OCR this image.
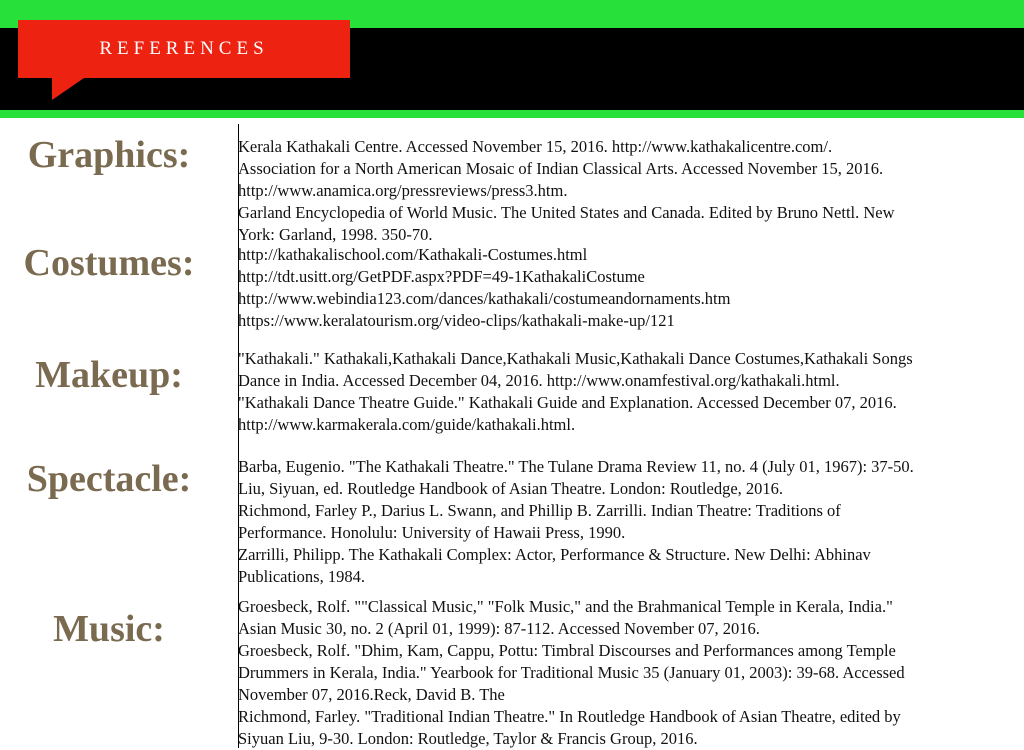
REFERENCES
Graphics:	Kerala Kathakali Centre. Accessed November 15, 2016. http://www.kathakalicentre.com/.
Association for a North American Mosaic of Indian Classical Arts. Accessed November 15, 2016.
http://www.anamica.org/pressreviews/press3.htm.
Garland Encyclopedia of World Music. The United States and Canada. Edited by Bruno Nettl. New
York: Garland, 1998. 350-70.
Costumes:	http://kathakalischool.com/Kathakali-Costumes.html
http://tdt.usitt.org/GetPDF.aspx?PDF=49-1KathakaliCostume
http://www.webindia123.com/dances/kathakali/costumeandornaments.htm
https://www.keralatourism.org/video-clips/kathakali-make-up/121
Makeup:	"Kathakali." Kathakali,Kathakali Dance,Kathakali Music,Kathakali Dance Costumes,Kathakali Songs
Dance in India. Accessed December 04, 2016. http://www.onamfestival.org/kathakali.html.
"Kathakali Dance Theatre Guide." Kathakali Guide and Explanation. Accessed December 07, 2016.
http://www.karmakerala.com/guide/kathakali.html.
Spectacle:	Barba, Eugenio. "The Kathakali Theatre." The Tulane Drama Review 11, no. 4 (July 01, 1967): 37-50.
Liu, Siyuan, ed. Routledge Handbook of Asian Theatre. London: Routledge, 2016.
Richmond, Farley P., Darius L. Swann, and Phillip B. Zarrilli. Indian Theatre: Traditions of
Performance. Honolulu: University of Hawaii Press, 1990.
Zarrilli, Philipp. The Kathakali Complex: Actor, Performance & Structure. New Delhi: Abhinav
Publications, 1984.
Music:
Groesbeck, Rolf. ""Classical Music," "Folk Music," and the Brahmanical Temple in Kerala, India."
Asian Music 30, no. 2 (April 01, 1999): 87-112. Accessed November 07, 2016.
Groesbeck, Rolf. "Dhim, Kam, Cappu, Pottu: Timbral Discourses and Performances among Temple
Drummers in Kerala, India." Yearbook for Traditional Music 35 (January 01, 2003): 39-68. Accessed
November 07, 2016.Reck, David B. The
Richmond, Farley. "Traditional Indian Theatre." In Routledge Handbook of Asian Theatre, edited by
Siyuan Liu, 9-30. London: Routledge, Taylor & Francis Group, 2016.
